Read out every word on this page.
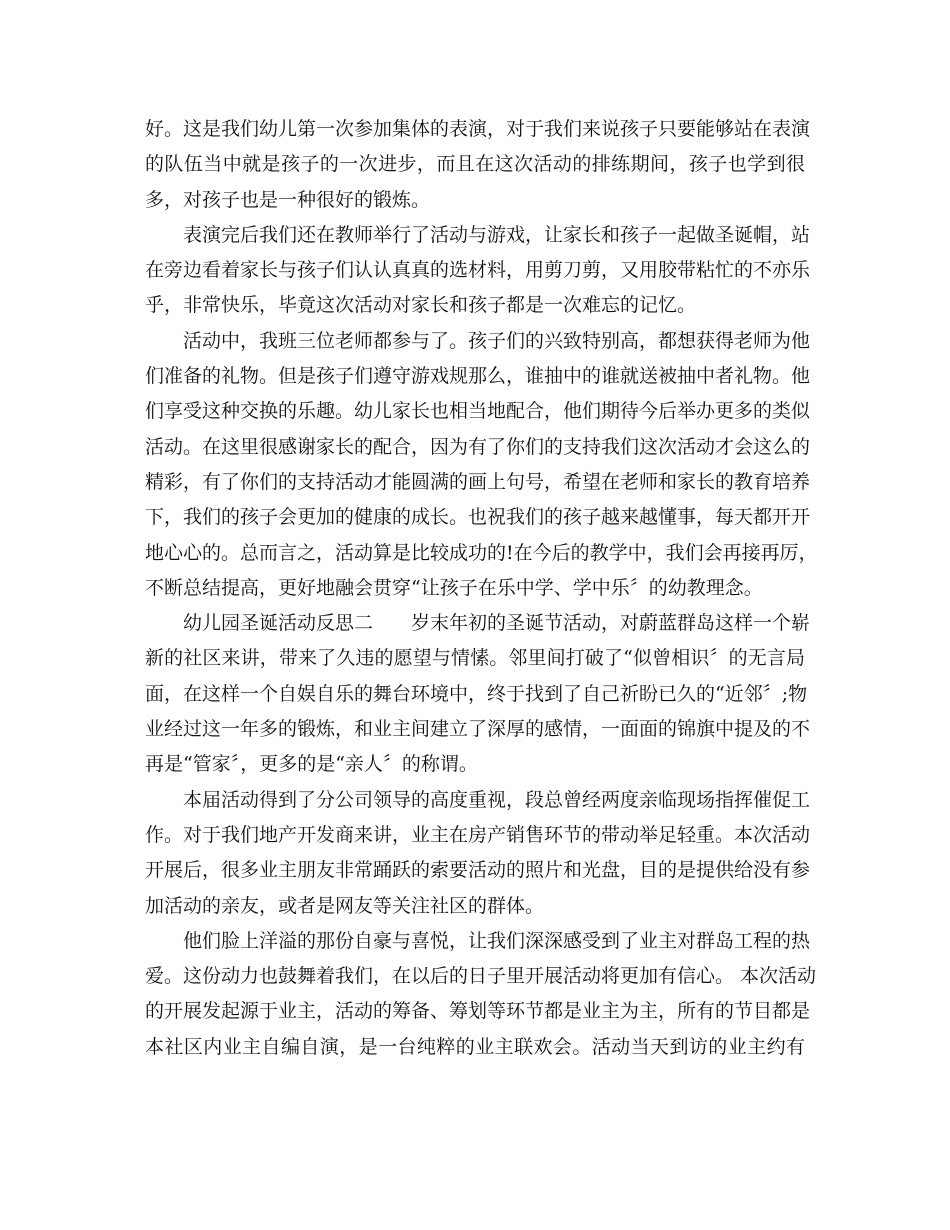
好。这是我们幼儿第一次参加集体的表演，对于我们来说孩子只要能够站在表演
的队伍当中就是孩子的一次进步，而且在这次活动的排练期间，孩子也学到很
多，对孩子也是一种很好的锻炼。
表演完后我们还在教师举行了活动与游戏，让家长和孩子一起做圣诞帽，站
在旁边看着家长与孩子们认认真真的选材料，用剪刀剪，又用胶带粘忙的不亦乐
乎，非常快乐，毕竟这次活动对家长和孩子都是一次难忘的记忆。
活动中，我班三位老师都参与了。孩子们的兴致特别高，都想获得老师为他
们准备的礼物。但是孩子们遵守游戏规那么，谁抽中的谁就送被抽中者礼物。他
们享受这种交换的乐趣。幼儿家长也相当地配合，他们期待今后举办更多的类似
活动。在这里很感谢家长的配合，因为有了你们的支持我们这次活动才会这么的
精彩，有了你们的支持活动才能圆满的画上句号，希望在老师和家长的教育培养
下，我们的孩子会更加的健康的成长。也祝我们的孩子越来越懂事，每天都开开
地心心的。总而言之，活动算是比较成功的!在今后的教学中，我们会再接再厉，
不断总结提高，更好地融会贯穿“让孩子在乐中学、学中乐〞的幼教理念。
幼儿园圣诞活动反思二　　岁末年初的圣诞节活动，对蔚蓝群岛这样一个崭
新的社区来讲，带来了久违的愿望与情愫。邻里间打破了“似曾相识〞的无言局
面，在这样一个自娱自乐的舞台环境中，终于找到了自己祈盼已久的“近邻〞;物
业经过这一年多的锻炼，和业主间建立了深厚的感情，一面面的锦旗中提及的不
再是“管家〞，更多的是“亲人〞的称谓。
本届活动得到了分公司领导的高度重视，段总曾经两度亲临现场指挥催促工
作。对于我们地产开发商来讲，业主在房产销售环节的带动举足轻重。本次活动
开展后，很多业主朋友非常踊跃的索要活动的照片和光盘，目的是提供给没有参
加活动的亲友，或者是网友等关注社区的群体。
他们脸上洋溢的那份自豪与喜悦，让我们深深感受到了业主对群岛工程的热
爱。这份动力也鼓舞着我们，在以后的日子里开展活动将更加有信心。 本次活动
的开展发起源于业主，活动的筹备、筹划等环节都是业主为主，所有的节目都是
本社区内业主自编自演，是一台纯粹的业主联欢会。活动当天到访的业主约有
